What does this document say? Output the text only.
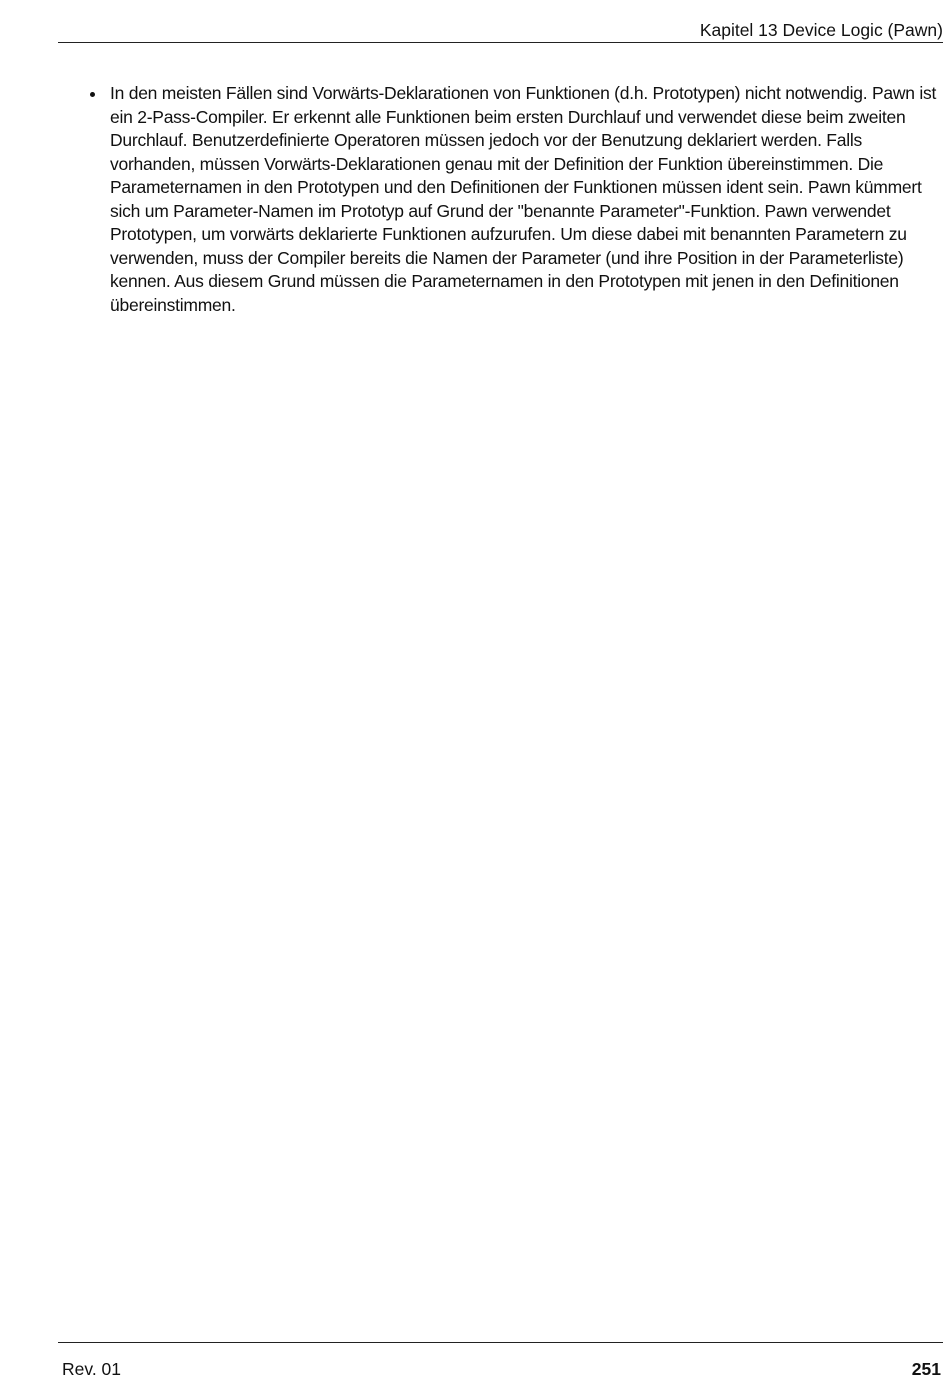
Kapitel 13 Device Logic (Pawn)
In den meisten Fällen sind Vorwärts-Deklarationen von Funktionen (d.h. Prototypen) nicht notwendig. Pawn ist ein 2-Pass-Compiler. Er erkennt alle Funktionen beim ersten Durchlauf und verwendet diese beim zweiten Durchlauf. Benutzerdefinierte Operatoren müssen jedoch vor der Benutzung deklariert werden. Falls vorhanden, müssen Vorwärts-Deklarationen genau mit der Definition der Funktion übereinstimmen. Die Parameternamen in den Prototypen und den Definitionen der Funktionen müssen ident sein. Pawn kümmert sich um Parameter-Namen im Prototyp auf Grund der "benannte Parameter"-Funktion. Pawn verwendet Prototypen, um vorwärts deklarierte Funktionen aufzurufen. Um diese dabei mit benannten Parametern zu verwenden, muss der Compiler bereits die Namen der Parameter (und ihre Position in der Parameterliste) kennen. Aus diesem Grund müssen die Parameternamen in den Prototypen mit jenen in den Definitionen übereinstimmen.
Rev. 01	251
